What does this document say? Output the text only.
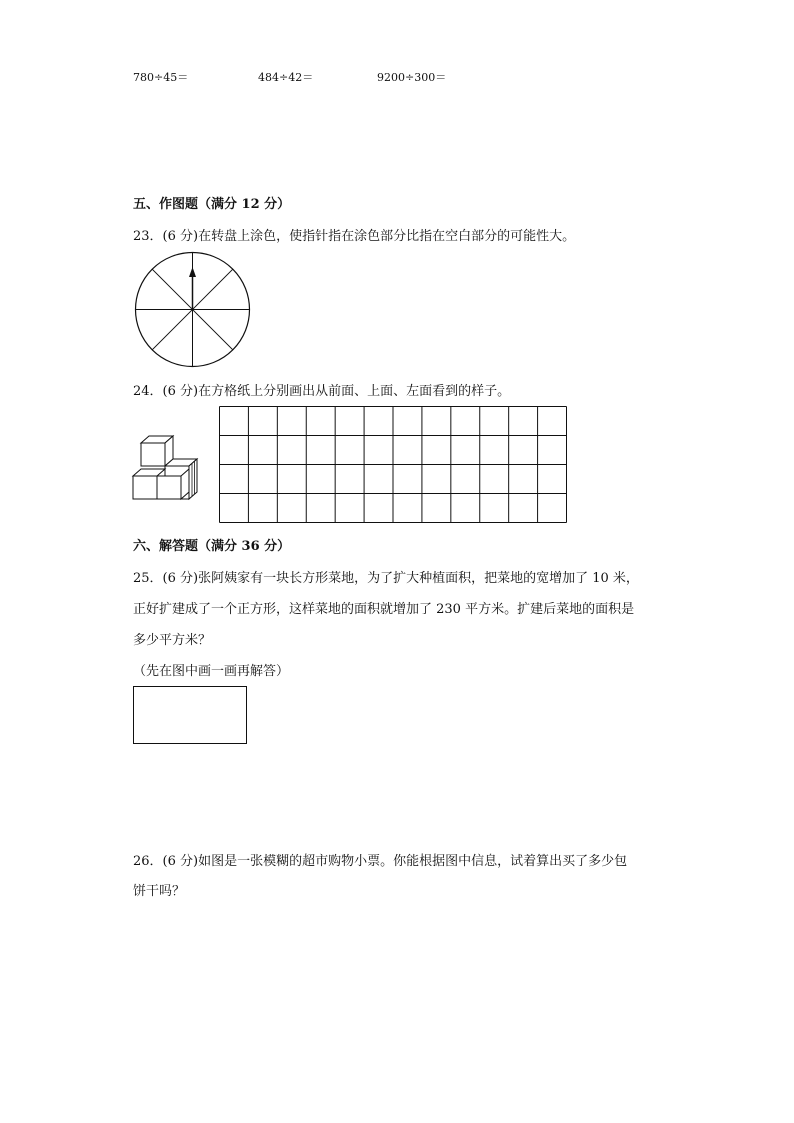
780÷45＝	484÷42＝	9200÷300＝
五、作图题（满分 12 分）
23．(6 分)在转盘上涂色，使指针指在涂色部分比指在空白部分的可能性大。
24．(6 分)在方格纸上分别画出从前面、上面、左面看到的样子。
六、解答题（满分 36 分）
25．(6 分)张阿姨家有一块长方形菜地，为了扩大种植面积，把菜地的宽增加了 10 米，
正好扩建成了一个正方形，这样菜地的面积就增加了 230 平方米。扩建后菜地的面积是
多少平方米？
（先在图中画一画再解答）
26．(6 分)如图是一张模糊的超市购物小票。你能根据图中信息，试着算出买了多少包
饼干吗？
